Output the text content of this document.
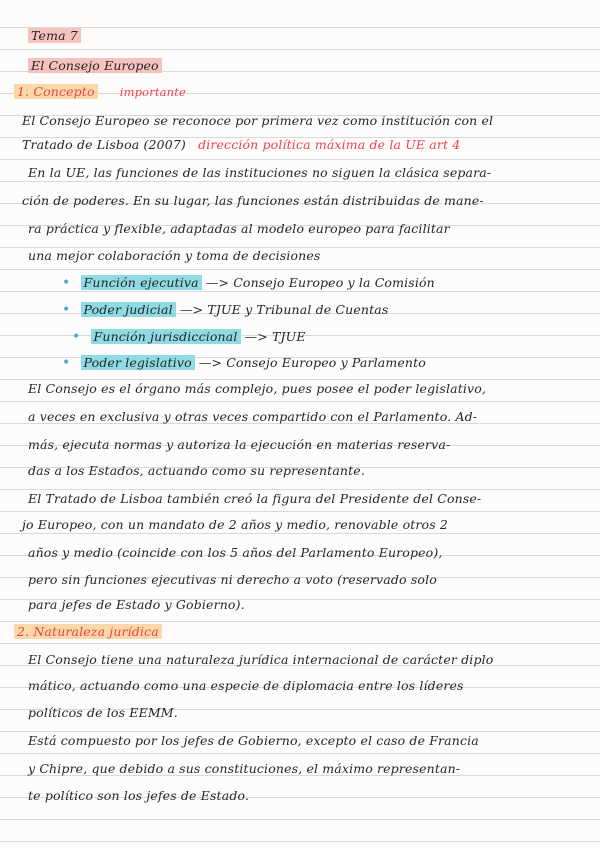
Tema 7
El Consejo Europeo
1. Concepto importante
El Consejo Europeo se reconoce por primera vez como institución con el
Tratado de Lisboa (2007) dirección política máxima de la UE art 4
En la UE, las funciones de las instituciones no siguen la clásica separa-
ción de poderes. En su lugar, las funciones están distribuidas de mane-
ra práctica y flexible, adaptadas al modelo europeo para facilitar
una mejor colaboración y toma de decisiones
• Función ejecutiva —> Consejo Europeo y la Comisión
• Poder judicial —> TJUE y Tribunal de Cuentas
• Función jurisdiccional —> TJUE
• Poder legislativo —> Consejo Europeo y Parlamento
El Consejo es el órgano más complejo, pues posee el poder legislativo,
a veces en exclusiva y otras veces compartido con el Parlamento. Ad-
más, ejecuta normas y autoriza la ejecución en materias reserva-
das a los Estados, actuando como su representante.
El Tratado de Lisboa también creó la figura del Presidente del Conse-
jo Europeo, con un mandato de 2 años y medio, renovable otros 2
años y medio (coincide con los 5 años del Parlamento Europeo),
pero sin funciones ejecutivas ni derecho a voto (reservado solo
para jefes de Estado y Gobierno).
2. Naturaleza jurídica
El Consejo tiene una naturaleza jurídica internacional de carácter diplo
mático, actuando como una especie de diplomacia entre los líderes
políticos de los EEMM.
Está compuesto por los jefes de Gobierno, excepto el caso de Francia
y Chipre, que debido a sus constituciones, el máximo representan-
te político son los jefes de Estado.
